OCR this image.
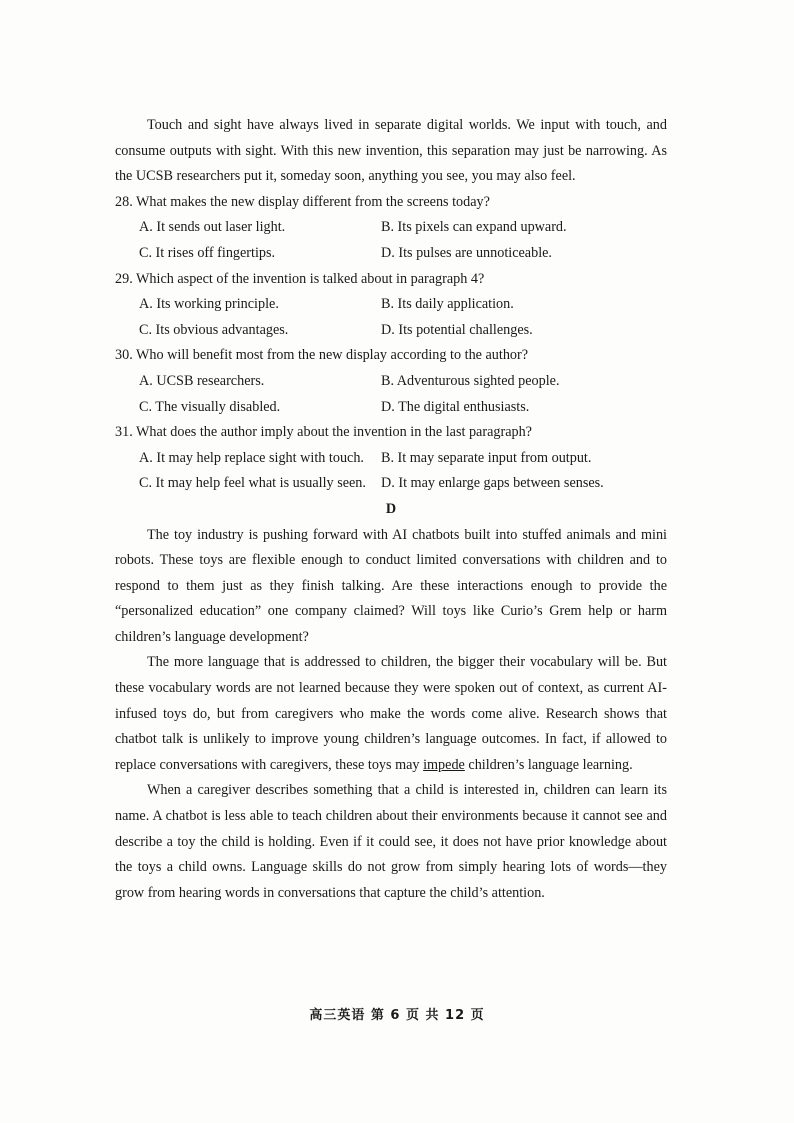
Touch and sight have always lived in separate digital worlds. We input with touch, and consume outputs with sight. With this new invention, this separation may just be narrowing. As the UCSB researchers put it, someday soon, anything you see, you may also feel.

28. What makes the new display different from the screens today?

A. It sends out laser light.	B. Its pixels can expand upward.
C. It rises off fingertips.	D. Its pulses are unnoticeable.

29. Which aspect of the invention is talked about in paragraph 4?

A. Its working principle.	B. Its daily application.
C. Its obvious advantages.	D. Its potential challenges.

30. Who will benefit most from the new display according to the author?

A. UCSB researchers.	B. Adventurous sighted people.
C. The visually disabled.	D. The digital enthusiasts.

31. What does the author imply about the invention in the last paragraph?

A. It may help replace sight with touch.	B. It may separate input from output.
C. It may help feel what is usually seen.	D. It may enlarge gaps between senses.

D

The toy industry is pushing forward with AI chatbots built into stuffed animals and mini robots. These toys are flexible enough to conduct limited conversations with children and to respond to them just as they finish talking. Are these interactions enough to provide the “personalized education” one company claimed? Will toys like Curio’s Grem help or harm children’s language development?

The more language that is addressed to children, the bigger their vocabulary will be. But these vocabulary words are not learned because they were spoken out of context, as current AI-infused toys do, but from caregivers who make the words come alive. Research shows that chatbot talk is unlikely to improve young children’s language outcomes. In fact, if allowed to replace conversations with caregivers, these toys may impede children’s language learning.

When a caregiver describes something that a child is interested in, children can learn its name. A chatbot is less able to teach children about their environments because it cannot see and describe a toy the child is holding. Even if it could see, it does not have prior knowledge about the toys a child owns. Language skills do not grow from simply hearing lots of words—they grow from hearing words in conversations that capture the child’s attention.

高三英语 第 6 页 共 12 页
